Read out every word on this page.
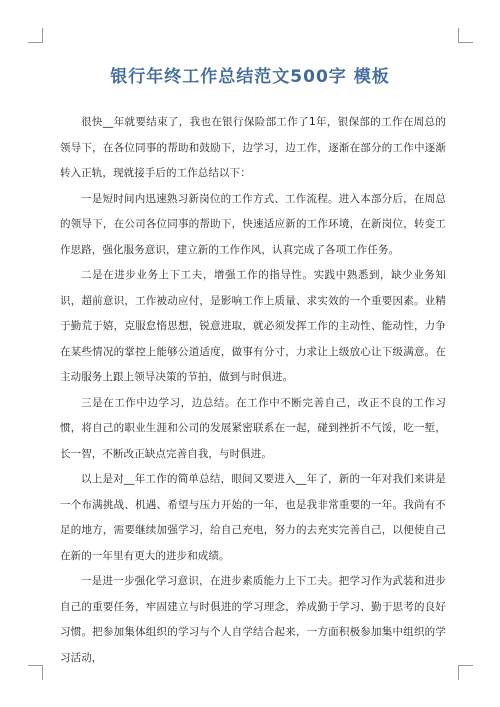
银行年终工作总结范文500字 模板

很快__年就要结束了，我也在银行保险部工作了1年，银保部的工作在周总的领导下，在各位同事的帮助和鼓励下，边学习，边工作，逐渐在部分的工作中逐渐转入正轨，现就接手后的工作总结以下：

一是短时间内迅速熟习新岗位的工作方式、工作流程。进入本部分后，在周总的领导下，在公司各位同事的帮助下，快速适应新的工作环境，在新岗位，转变工作思路，强化服务意识，建立新的工作作风，认真完成了各项工作任务。

二是在进步业务上下工夫，增强工作的指导性。实践中熟悉到，缺少业务知识，超前意识，工作被动应付，是影响工作上质量、求实效的一个重要因素。业精于勤荒于嬉，克服怠惰思想，锐意进取，就必须发挥工作的主动性、能动性，力争在某些情况的掌控上能够公道适度，做事有分寸，力求让上级放心让下级满意。在主动服务上跟上领导决策的节拍，做到与时俱进。

三是在工作中边学习，边总结。在工作中不断完善自己，改正不良的工作习惯，将自己的职业生涯和公司的发展紧密联系在一起，碰到挫折不气馁，吃一堑，长一智，不断改正缺点完善自我，与时俱进。

以上是对__年工作的简单总结，眼间又要进入__年了，新的一年对我们来讲是一个布满挑战、机遇、希望与压力开始的一年，也是我非常重要的一年。我尚有不足的地方，需要继续加强学习，给自己充电，努力的去充实完善自己，以便使自己在新的一年里有更大的进步和成绩。

一是进一步强化学习意识，在进步素质能力上下工夫。把学习作为武装和进步自己的重要任务，牢固建立与时俱进的学习理念，养成勤于学习、勤于思考的良好习惯。把参加集体组织的学习与个人自学结合起来，一方面积极参加集中组织的学习活动，
